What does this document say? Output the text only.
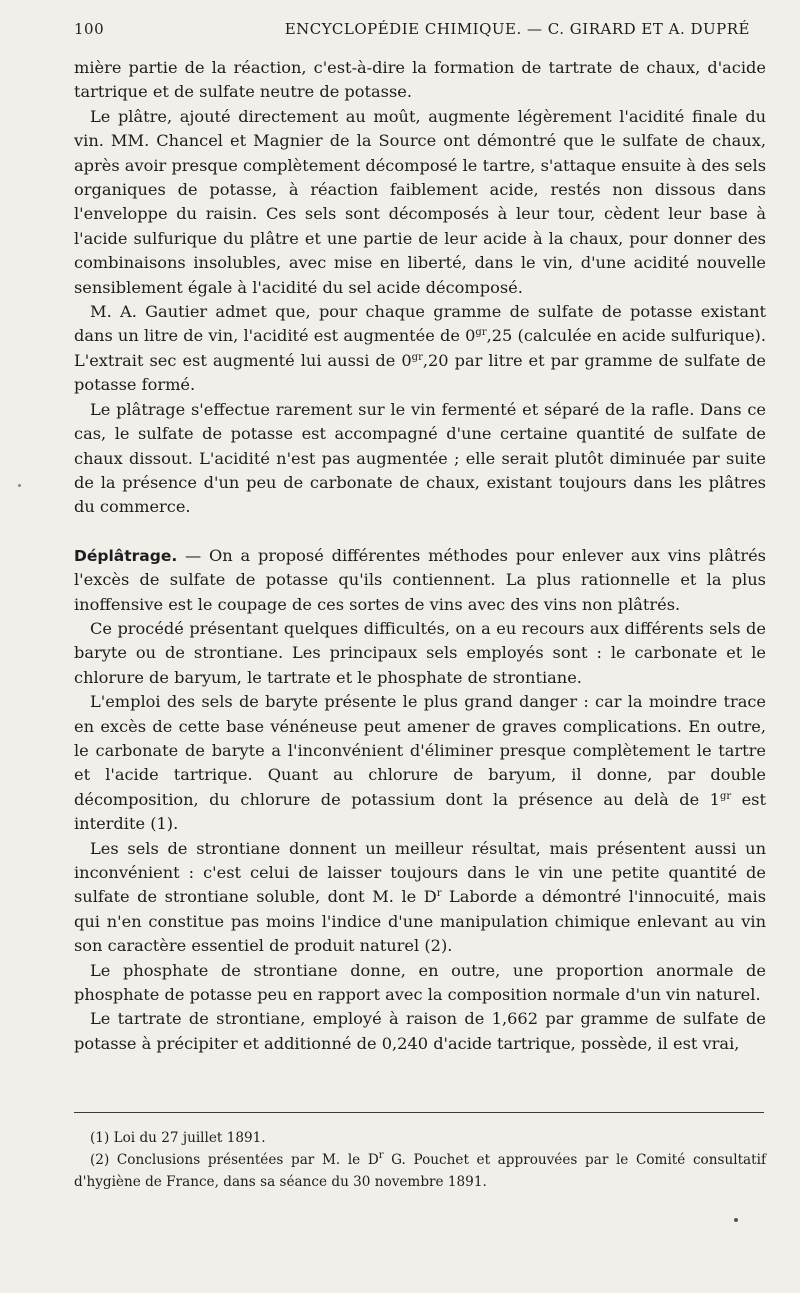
100	ENCYCLOPÉDIE CHIMIQUE. — C. GIRARD ET A. DUPRÉ

mière partie de la réaction, c'est-à-dire la formation de tartrate de chaux, d'acide tartrique et de sulfate neutre de potasse.

Le plâtre, ajouté directement au moût, augmente légèrement l'acidité finale du vin. MM. Chancel et Magnier de la Source ont démontré que le sulfate de chaux, après avoir presque complètement décomposé le tartre, s'attaque ensuite à des sels organiques de potasse, à réaction faiblement acide, restés non dissous dans l'enveloppe du raisin. Ces sels sont décomposés à leur tour, cèdent leur base à l'acide sulfurique du plâtre et une partie de leur acide à la chaux, pour donner des combinaisons insolubles, avec mise en liberté, dans le vin, d'une acidité nouvelle sensiblement égale à l'acidité du sel acide décomposé.

M. A. Gautier admet que, pour chaque gramme de sulfate de potasse existant dans un litre de vin, l'acidité est augmentée de $0^{gr},25$ (calculée en acide sulfurique). L'extrait sec est augmenté lui aussi de $0^{gr},20$ par litre et par gramme de sulfate de potasse formé.

Le plâtrage s'effectue rarement sur le vin fermenté et séparé de la rafle. Dans ce cas, le sulfate de potasse est accompagné d'une certaine quantité de sulfate de chaux dissout. L'acidité n'est pas augmentée ; elle serait plutôt diminuée par suite de la présence d'un peu de carbonate de chaux, existant toujours dans les plâtres du commerce.

Déplâtrage. — On a proposé différentes méthodes pour enlever aux vins plâtrés l'excès de sulfate de potasse qu'ils contiennent. La plus rationnelle et la plus inoffensive est le coupage de ces sortes de vins avec des vins non plâtrés.

Ce procédé présentant quelques difficultés, on a eu recours aux différents sels de baryte ou de strontiane. Les principaux sels employés sont : le carbonate et le chlorure de baryum, le tartrate et le phosphate de strontiane.

L'emploi des sels de baryte présente le plus grand danger : car la moindre trace en excès de cette base vénéneuse peut amener de graves complications. En outre, le carbonate de baryte a l'inconvénient d'éliminer presque complètement le tartre et l'acide tartrique. Quant au chlorure de baryum, il donne, par double décomposition, du chlorure de potassium dont la présence au delà de $1^{gr}$ est interdite (1).

Les sels de strontiane donnent un meilleur résultat, mais présentent aussi un inconvénient : c'est celui de laisser toujours dans le vin une petite quantité de sulfate de strontiane soluble, dont M. le $D^r$ Laborde a démontré l'innocuité, mais qui n'en constitue pas moins l'indice d'une manipulation chimique enlevant au vin son caractère essentiel de produit naturel (2).

Le phosphate de strontiane donne, en outre, une proportion anormale de phosphate de potasse peu en rapport avec la composition normale d'un vin naturel.

Le tartrate de strontiane, employé à raison de 1,662 par gramme de sulfate de potasse à précipiter et additionné de 0,240 d'acide tartrique, possède, il est vrai,

(1) Loi du 27 juillet 1891.

(2) Conclusions présentées par M. le $D^r$ G. Pouchet et approuvées par le Comité consultatif d'hygiène de France, dans sa séance du 30 novembre 1891.
